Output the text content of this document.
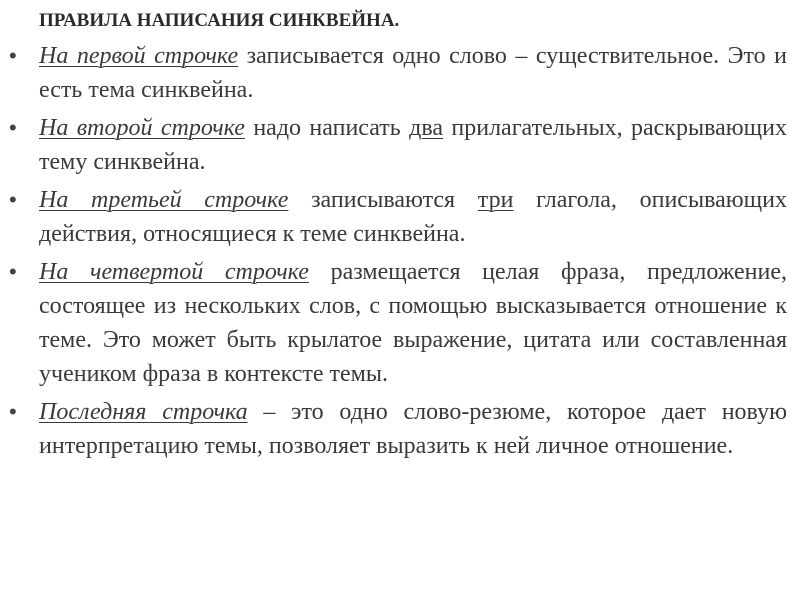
ПРАВИЛА НАПИСАНИЯ СИНКВЕЙНА.
• На первой строчке записывается одно слово – существительное. Это и есть тема синквейна.
• На второй строчке надо написать два прилагательных, раскрывающих тему синквейна.
• На третьей строчке записываются три глагола, описывающих действия, относящиеся к теме синквейна.
• На четвертой строчке размещается целая фраза, предложение, состоящее из нескольких слов, с помощью высказывается отношение к теме. Это может быть крылатое выражение, цитата или составленная учеником фраза в контексте темы.
• Последняя строчка – это одно слово-резюме, которое дает новую интерпретацию темы, позволяет выразить к ней личное отношение.
